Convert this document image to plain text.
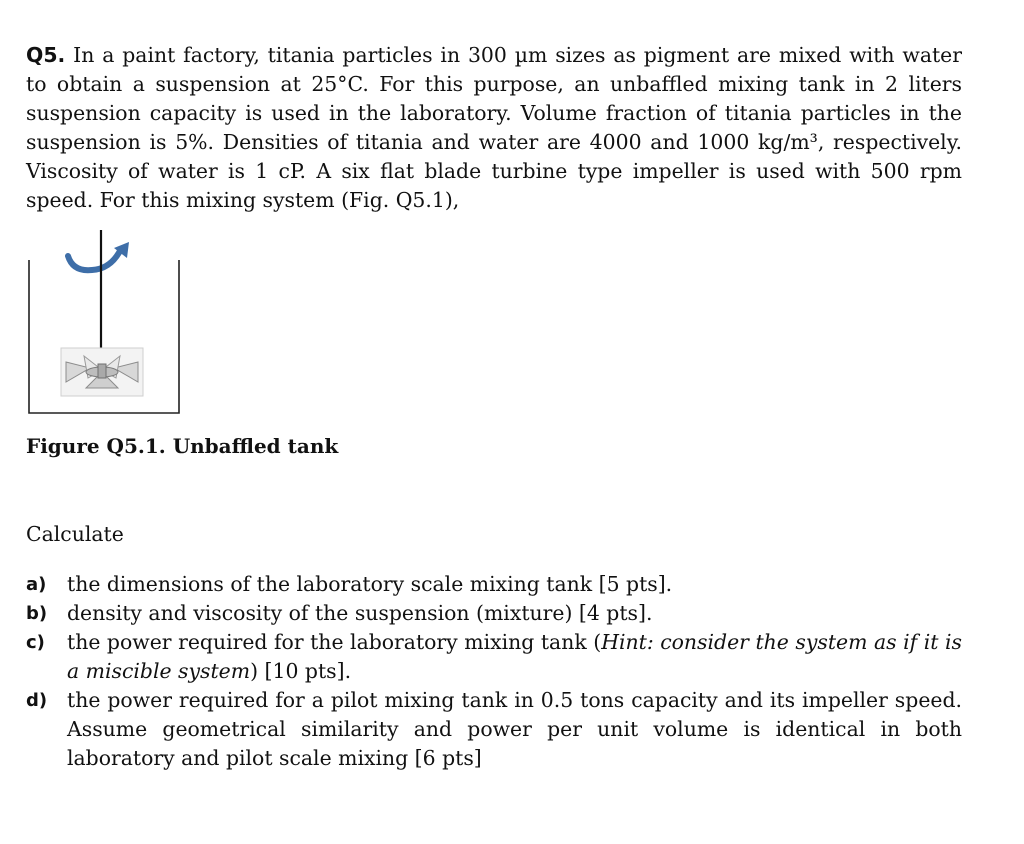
Q5. In a paint factory, titania particles in 300 µm sizes as pigment are mixed with water to obtain a suspension at 25°C. For this purpose, an unbaffled mixing tank in 2 liters suspension capacity is used in the laboratory. Volume fraction of titania particles in the suspension is 5%. Densities of titania and water are 4000 and 1000 kg/m³, respectively. Viscosity of water is 1 cP. A six flat blade turbine type impeller is used with 500 rpm speed. For this mixing system (Fig. Q5.1),

Figure Q5.1. Unbaffled tank

Calculate

a) the dimensions of the laboratory scale mixing tank [5 pts].
b) density and viscosity of the suspension (mixture) [4 pts].
c) the power required for the laboratory mixing tank (Hint: consider the system as if it is a miscible system) [10 pts].
d) the power required for a pilot mixing tank in 0.5 tons capacity and its impeller speed. Assume geometrical similarity and power per unit volume is identical in both laboratory and pilot scale mixing [6 pts]
